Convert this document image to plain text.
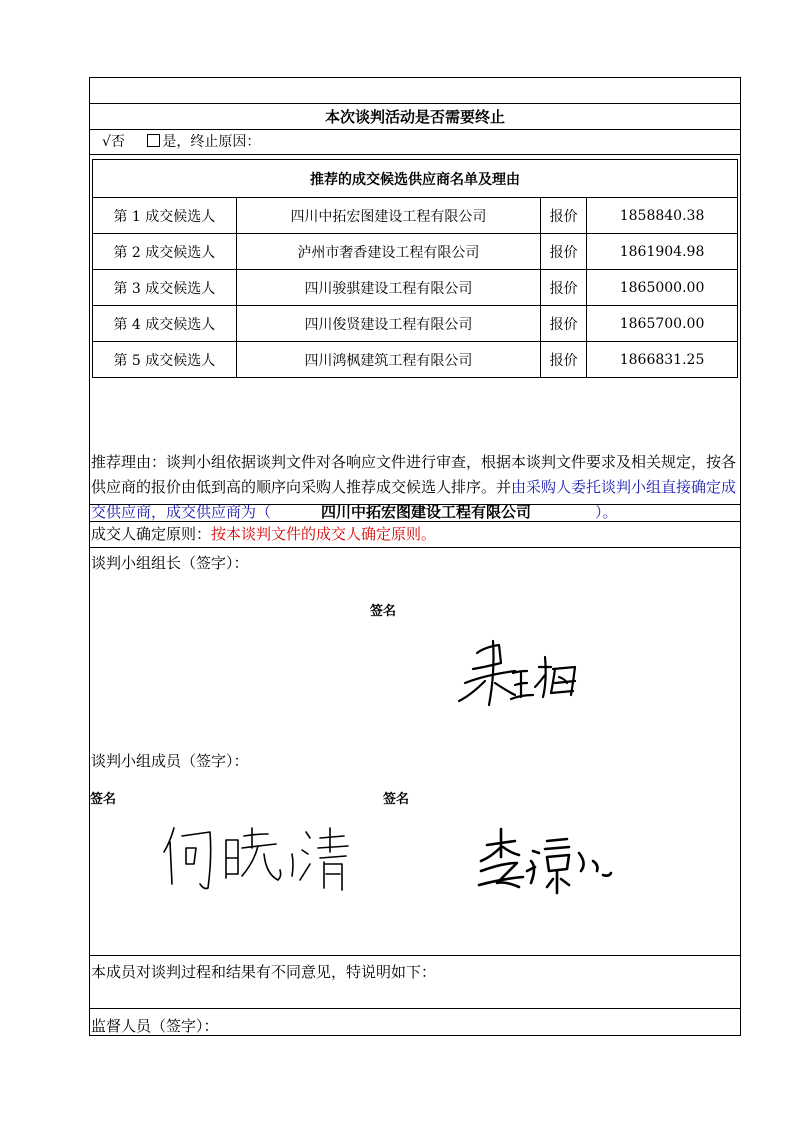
本次谈判活动是否需要终止
√否	是，终止原因：
推荐的成交候选供应商名单及理由			
第 1 成交候选人	四川中拓宏图建设工程有限公司	报价	1858840.38
第 2 成交候选人	泸州市奢香建设工程有限公司	报价	1861904.98
第 3 成交候选人	四川骏骐建设工程有限公司	报价	1865000.00
第 4 成交候选人	四川俊贤建设工程有限公司	报价	1865700.00
第 5 成交候选人	四川鸿枫建筑工程有限公司	报价	1866831.25
推荐理由：谈判小组依据谈判文件对各响应文件进行审查，根据本谈判文件要求及相关规定，按各供应商的报价由低到高的顺序向采购人推荐成交候选人排序。并由采购人委托谈判小组直接确定成交供应商，成交供应商为（	四川中拓宏图建设工程有限公司	）。
成交人确定原则：按本谈判文件的成交人确定原则。
谈判小组组长（签字）：
签名
谈判小组成员（签字）：
签名	签名
本成员对谈判过程和结果有不同意见，特说明如下：
监督人员（签字）：
